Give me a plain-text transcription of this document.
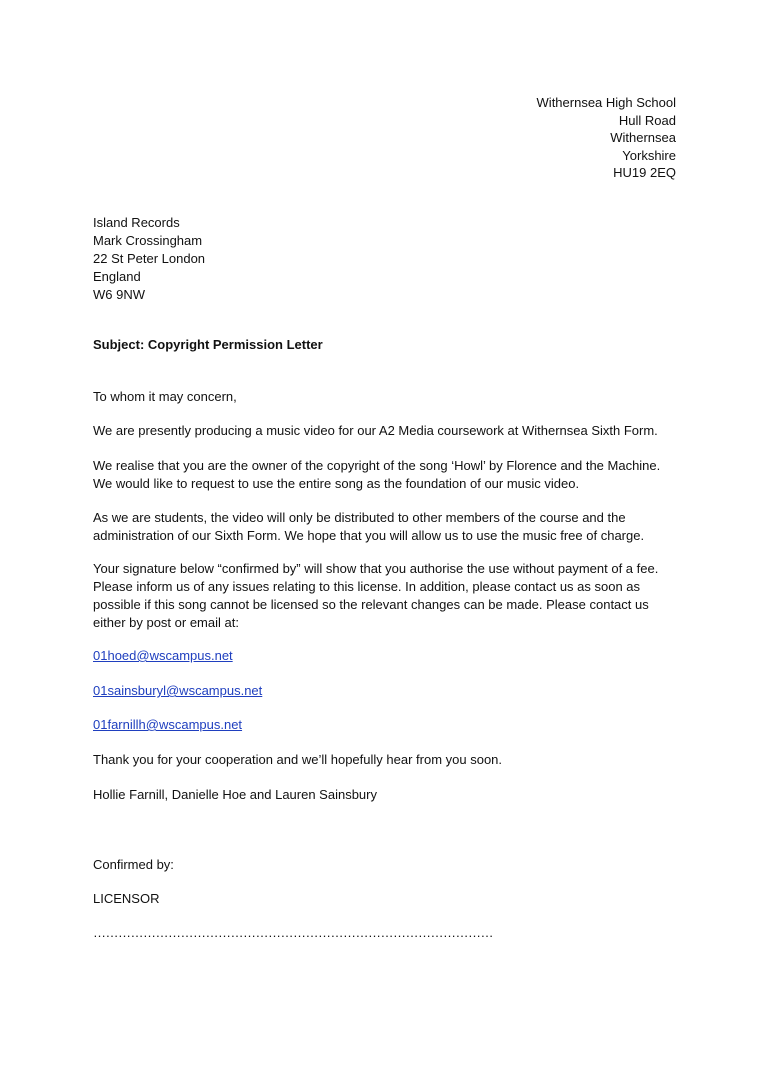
Withernsea High School
Hull Road
Withernsea
Yorkshire
HU19 2EQ
Island Records
Mark Crossingham
22 St Peter London
England
W6 9NW
Subject: Copyright Permission Letter
To whom it may concern,
We are presently producing a music video for our A2 Media coursework at Withernsea Sixth Form.
We realise that you are the owner of the copyright of the song ‘Howl’ by Florence and the Machine.
We would like to request to use the entire song as the foundation of our music video.
As we are students, the video will only be distributed to other members of the course and the
administration of our Sixth Form. We hope that you will allow us to use the music free of charge.
Your signature below “confirmed by” will show that you authorise the use without payment of a fee.
Please inform us of any issues relating to this license. In addition, please contact us as soon as
possible if this song cannot be licensed so the relevant changes can be made. Please contact us
either by post or email at:
01hoed@wscampus.net
01sainsburyl@wscampus.net
01farnillh@wscampus.net
Thank you for your cooperation and we’ll hopefully hear from you soon.
Hollie Farnill, Danielle Hoe and Lauren Sainsbury
Confirmed by:
LICENSOR
……………………………………………………………………………………
